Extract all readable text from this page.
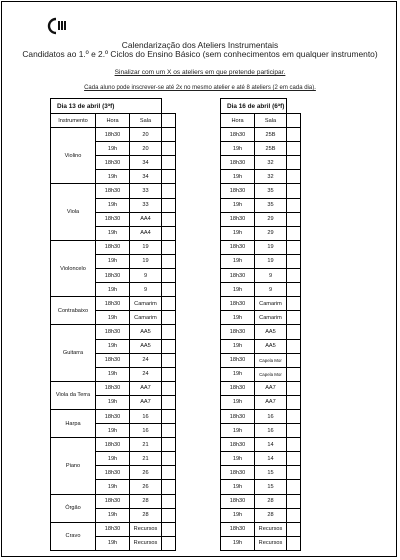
Calendarização dos Ateliers Instrumentais
Candidatos ao 1.º e 2.º Ciclos do Ensino Básico (sem conhecimentos em qualquer instrumento)
Sinalizar com um X os ateliers em que pretende participar.
Cada aluno pode inscrever-se até 2x no mesmo atelier e até 8 ateliers (2 em cada dia).
Dia 13 de abril (3ªf)			
Instrumento	Hora	Sala	
Violino	18h30	20	
	19h	20	
	18h30	34	
	19h	34	
Viola	18h30	33	
	19h	33	
	18h30	AA4	
	19h	AA4	
Violoncelo	18h30	19	
	19h	19	
	18h30	9	
	19h	9	
Contrabaixo	18h30	Camarim	
	19h	Camarim	
Guitarra	18h30	AA5	
	19h	AA5	
	18h30	24	
	19h	24	
Viola da Terra	18h30	AA7	
	19h	AA7	
Harpa	18h30	16	
	19h	16	
Piano	18h30	21	
	19h	21	
	18h30	26	
	19h	26	
Órgão	18h30	28	
	19h	28	
Cravo	18h30	Recursos	
	19h	Recursos	
Dia 16 de abril (6ªf)		
Hora	Sala	
18h30	25B	
19h	25B	
18h30	32	
19h	32	
18h30	35	
19h	35	
18h30	29	
19h	29	
18h30	19	
19h	19	
18h30	9	
19h	9	
18h30	Camarim	
19h	Camarim	
18h30	AA5	
19h	AA5	
18h30	Capela Mor	
19h	Capela Mor	
18h30	AA7	
19h	AA7	
18h30	16	
19h	16	
18h30	14	
19h	14	
18h30	15	
19h	15	
18h30	28	
19h	28	
18h30	Recursos	
19h	Recursos	
